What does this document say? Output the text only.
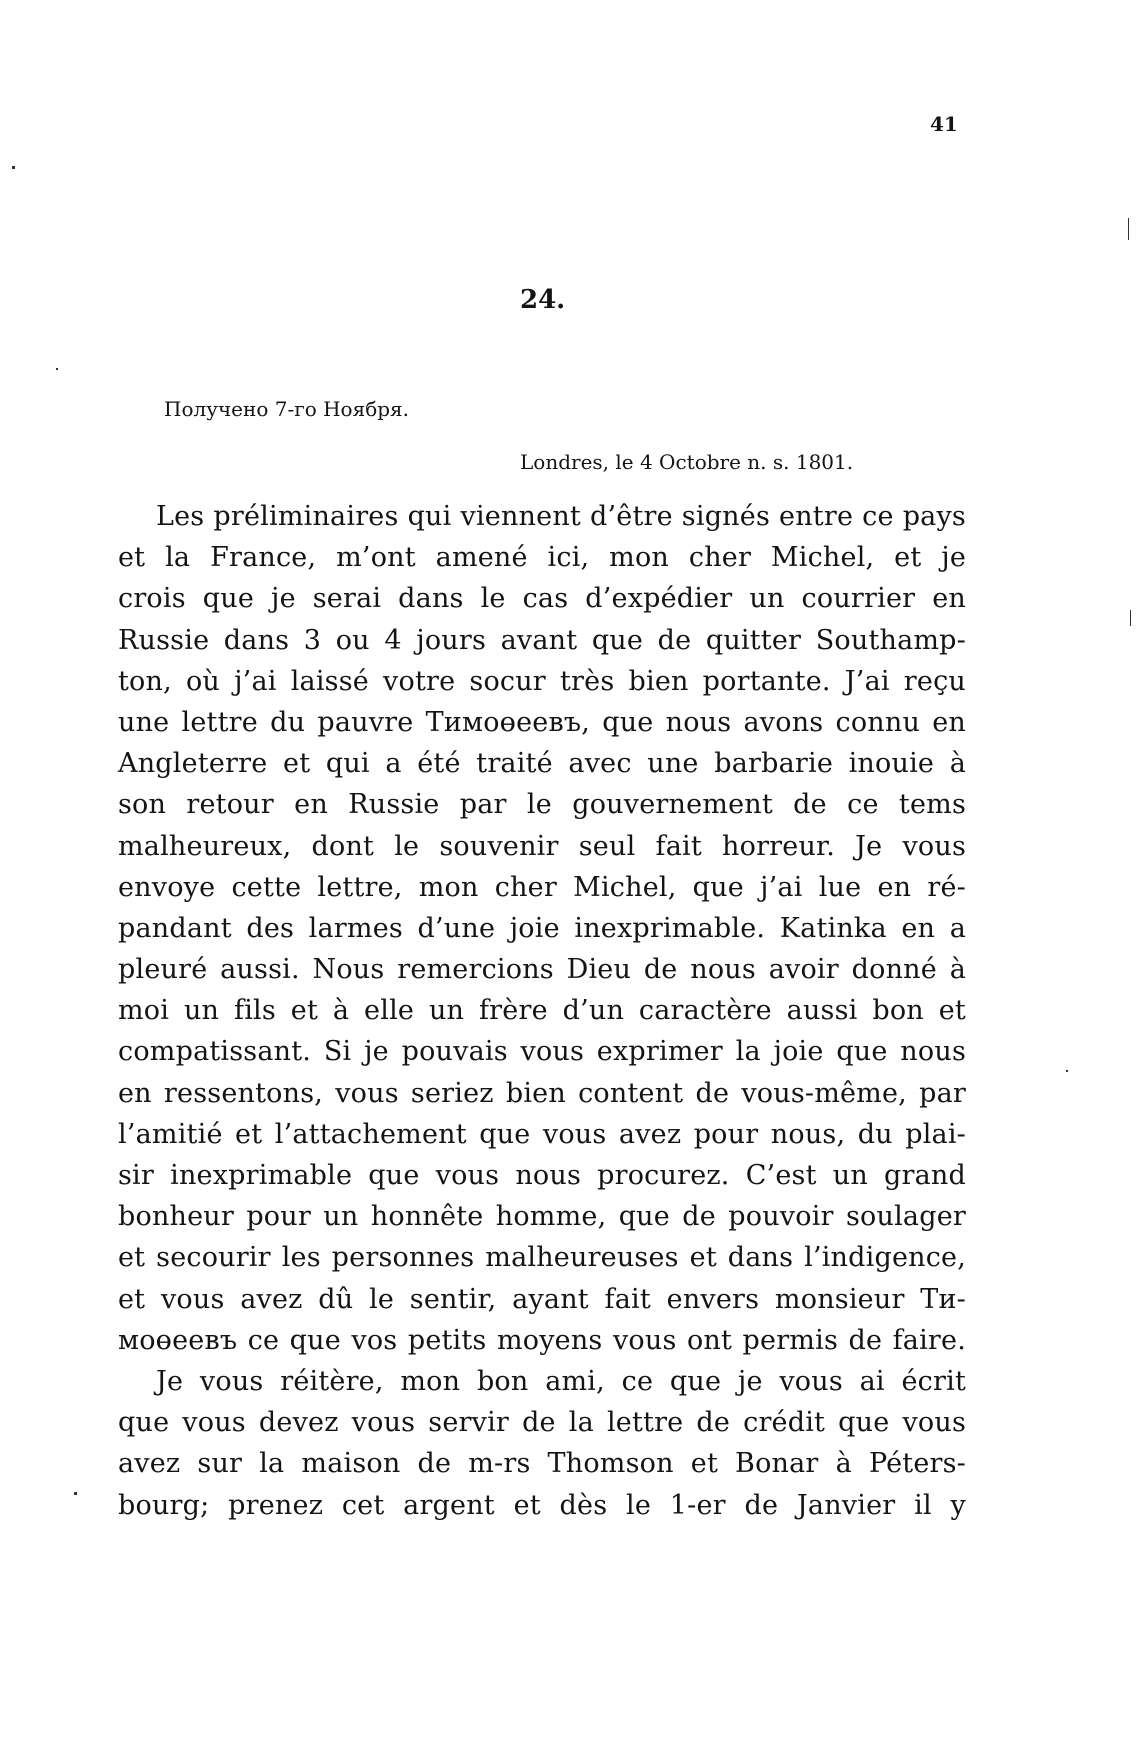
41
24.
Получено 7-го Ноября.
Londres, le 4 Octobre n. s. 1801.
Les préliminaires qui viennent d’être signés entre ce pays
et la France, m’ont amené ici, mon cher Michel, et je
crois que je serai dans le cas d’expédier un courrier en
Russie dans 3 ou 4 jours avant que de quitter Southamp-
ton, où j’ai laissé votre socur très bien portante. J’ai reçu
une lettre du pauvre Тимоөеевъ, que nous avons connu en
Angleterre et qui a été traité avec une barbarie inouie à
son retour en Russie par le gouvernement de ce tems
malheureux, dont le souvenir seul fait horreur. Je vous
envoye cette lettre, mon cher Michel, que j’ai lue en ré-
pandant des larmes d’une joie inexprimable. Katinka en a
pleuré aussi. Nous remercions Dieu de nous avoir donné à
moi un fils et à elle un frère d’un caractère aussi bon et
compatissant. Si je pouvais vous exprimer la joie que nous
en ressentons, vous seriez bien content de vous-même, par
l’amitié et l’attachement que vous avez pour nous, du plai-
sir inexprimable que vous nous procurez. C’est un grand
bonheur pour un honnête homme, que de pouvoir soulager
et secourir les personnes malheureuses et dans l’indigence,
et vous avez dû le sentir, ayant fait envers monsieur Ти-
моөеевъ ce que vos petits moyens vous ont permis de faire.
Je vous réitère, mon bon ami, ce que je vous ai écrit
que vous devez vous servir de la lettre de crédit que vous
avez sur la maison de m-rs Thomson et Bonar à Péters-
bourg; prenez cet argent et dès le 1-er de Janvier il y
